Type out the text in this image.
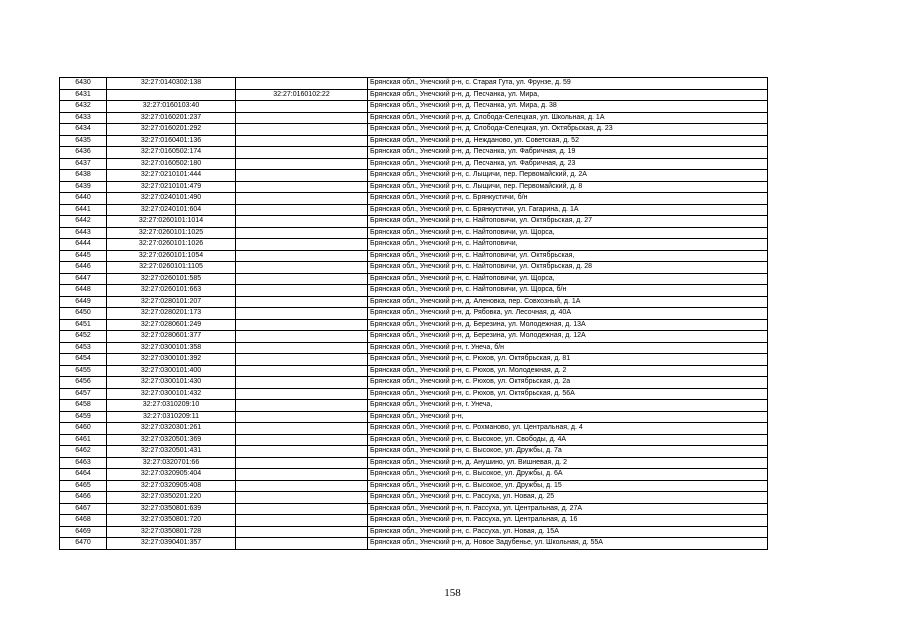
6430	32:27:0140302:138		Брянская обл., Унечский р-н, с. Старая Гута, ул. Фрунзе, д. 59
6431		32:27:0160102:22	Брянская обл., Унечский р-н, д. Песчанка, ул. Мира,
6432	32:27:0160103:40		Брянская обл., Унечский р-н, д. Песчанка, ул. Мира, д. 38
6433	32:27:0160201:237		Брянская обл., Унечский р-н, д. Слобода-Селецкая, ул. Школьная, д. 1А
6434	32:27:0160201:292		Брянская обл., Унечский р-н, д. Слобода-Селецкая, ул. Октябрьская, д. 23
6435	32:27:0160401:136		Брянская обл., Унечский р-н, д. Нежданово, ул. Советская, д. 52
6436	32:27:0160502:174		Брянская обл., Унечский р-н, д. Песчанка, ул. Фабричная, д. 19
6437	32:27:0160502:180		Брянская обл., Унечский р-н, д. Песчанка, ул. Фабричная, д. 23
6438	32:27:0210101:444		Брянская обл., Унечский р-н, с. Лыщичи, пер. Первомайский, д. 2А
6439	32:27:0210101:479		Брянская обл., Унечский р-н, с. Лыщичи, пер. Первомайский, д. 8
6440	32:27:0240101:490		Брянская обл., Унечский р-н, с. Брянкустичи, б/н
6441	32:27:0240101:604		Брянская обл., Унечский р-н, с. Брянкустичи, ул. Гагарина, д. 1А
6442	32:27:0260101:1014		Брянская обл., Унечский р-н, с. Найтоповичи, ул. Октябрьская, д. 27
6443	32:27:0260101:1025		Брянская обл., Унечский р-н, с. Найтоповичи, ул. Щорса,
6444	32:27:0260101:1026		Брянская обл., Унечский р-н, с. Найтоповичи,
6445	32:27:0260101:1054		Брянская обл., Унечский р-н, с. Найтоповичи, ул. Октябрьская,
6446	32:27:0260101:1105		Брянская обл., Унечский р-н, с. Найтоповичи, ул. Октябрьская, д. 28
6447	32:27:0260101:585		Брянская обл., Унечский р-н, с. Найтоповичи, ул. Щорса,
6448	32:27:0260101:663		Брянская обл., Унечский р-н, с. Найтоповичи, ул. Щорса, б/н
6449	32:27:0280101:207		Брянская обл., Унечский р-н, д. Аленовка, пер. Совхозный, д. 1А
6450	32:27:0280201:173		Брянская обл., Унечский р-н, д. Рябовка, ул. Лесочная, д. 40А
6451	32:27:0280601:249		Брянская обл., Унечский р-н, д. Березина, ул. Молодежная, д. 13А
6452	32:27:0280601:377		Брянская обл., Унечский р-н, д. Березина, ул. Молодежная, д. 12А
6453	32:27:0300101:358		Брянская обл., Унечский р-н, г. Унеча, б/н
6454	32:27:0300101:392		Брянская обл., Унечский р-н, с. Рюхов, ул. Октябрьская, д. 81
6455	32:27:0300101:400		Брянская обл., Унечский р-н, с. Рюхов, ул. Молодежная, д. 2
6456	32:27:0300101:430		Брянская обл., Унечский р-н, с. Рюхов, ул. Октябрьская, д. 2а
6457	32:27:0300101:432		Брянская обл., Унечский р-н, с. Рюхов, ул. Октябрьская, д. 56А
6458	32:27:0310209:10		Брянская обл., Унечский р-н, г. Унеча,
6459	32:27:0310209:11		Брянская обл., Унечский р-н,
6460	32:27:0320301:261		Брянская обл., Унечский р-н, с. Рохманово, ул. Центральная, д. 4
6461	32:27:0320501:369		Брянская обл., Унечский р-н, с. Высокое, ул. Свободы, д. 4А
6462	32:27:0320501:431		Брянская обл., Унечский р-н, с. Высокое, ул. Дружбы, д. 7а
6463	32:27:0320701:66		Брянская обл., Унечский р-н, д. Анушино, ул. Вишневая, д. 2
6464	32:27:0320905:404		Брянская обл., Унечский р-н, с. Высокое, ул. Дружбы, д. 6А
6465	32:27:0320905:408		Брянская обл., Унечский р-н, с. Высокое, ул. Дружбы, д. 15
6466	32:27:0350201:220		Брянская обл., Унечский р-н, с. Рассуха, ул. Новая, д. 25
6467	32:27:0350801:639		Брянская обл., Унечский р-н, п. Рассуха, ул. Центральная, д. 27А
6468	32:27:0350801:720		Брянская обл., Унечский р-н, п. Рассуха, ул. Центральная, д. 16
6469	32:27:0350801:728		Брянская обл., Унечский р-н, с. Рассуха, ул. Новая, д. 15А
6470	32:27:0390401:357		Брянская обл., Унечский р-н, д. Новое Задубенье, ул. Школьная, д. 55А
158
